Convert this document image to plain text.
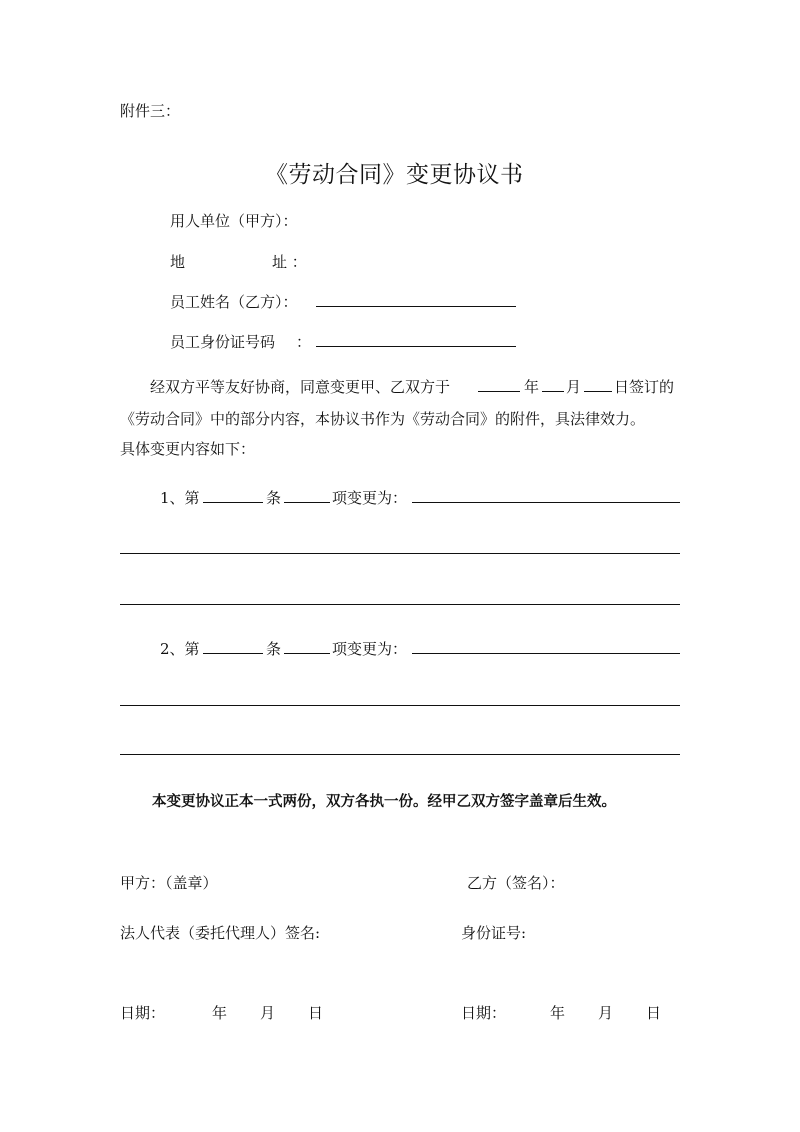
附件三：
《劳动合同》变更协议书
用人单位（甲方）：
地	址 ：
员工姓名（乙方）：
员工身份证号码 ：
经双方平等友好协商，同意变更甲、乙双方于	年 月 日签订的
《劳动合同》中的部分内容，本协议书作为《劳动合同》的附件，具法律效力。
具体变更内容如下：
1、第	条	项变更为：
2、第	条	项变更为：
本变更协议正本一式两份，双方各执一份。经甲乙双方签字盖章后生效。
甲方：（盖章）	乙方（签名）：
法人代表（委托代理人）签名:	身份证号:
日期：	年 月 日	日期：	年 月 日
